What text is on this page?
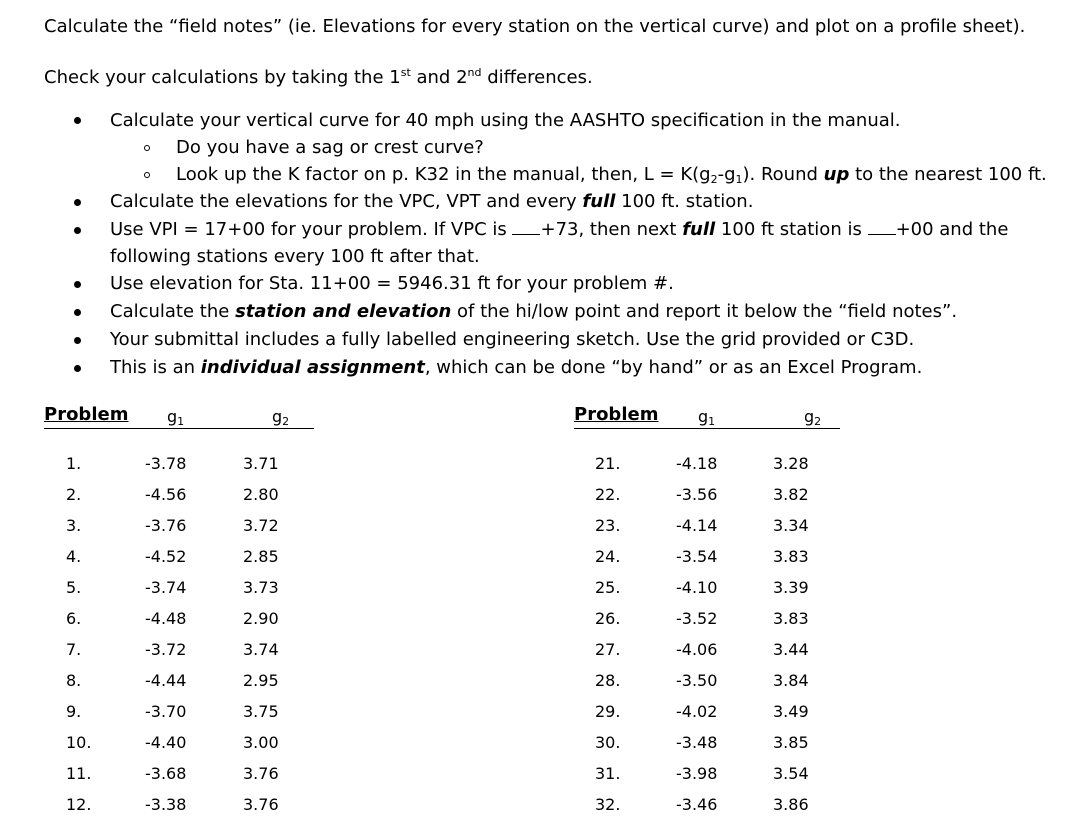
Calculate the “field notes” (ie. Elevations for every station on the vertical curve) and plot on a profile sheet).
Check your calculations by taking the 1st and 2nd differences.
Calculate your vertical curve for 40 mph using the AASHTO specification in the manual.
Do you have a sag or crest curve?
Look up the K factor on p. K32 in the manual, then, $L = K(g_2-g_1)$. Round up to the nearest 100 ft.
Calculate the elevations for the VPC, VPT and every full 100 ft. station.
Use VPI = 17+00 for your problem. If VPC is +73, then next full 100 ft station is +00 and the
following stations every 100 ft after that.
Use elevation for Sta. 11+00 = 5946.31 ft for your problem #.
Calculate the station and elevation of the hi/low point and report it below the “field notes”.
Your submittal includes a fully labelled engineering sketch. Use the grid provided or C3D.
This is an individual assignment, which can be done “by hand” or as an Excel Program.
Problem $g_1$	$g_2$	Problem $g_1$	$g_2$
1.	-3.78	3.71
2.	-4.56	2.80
3.	-3.76	3.72
4.	-4.52	2.85
5.	-3.74	3.73
6.	-4.48	2.90
7.	-3.72	3.74
8.	-4.44	2.95
9.	-3.70	3.75
10.	-4.40	3.00
11.	-3.68	3.76
12.	-3.38	3.76
21.	-4.18	3.28
22.	-3.56	3.82
23.	-4.14	3.34
24.	-3.54	3.83
25.	-4.10	3.39
26.	-3.52	3.83
27.	-4.06	3.44
28.	-3.50	3.84
29.	-4.02	3.49
30.	-3.48	3.85
31.	-3.98	3.54
32.	-3.46	3.86
